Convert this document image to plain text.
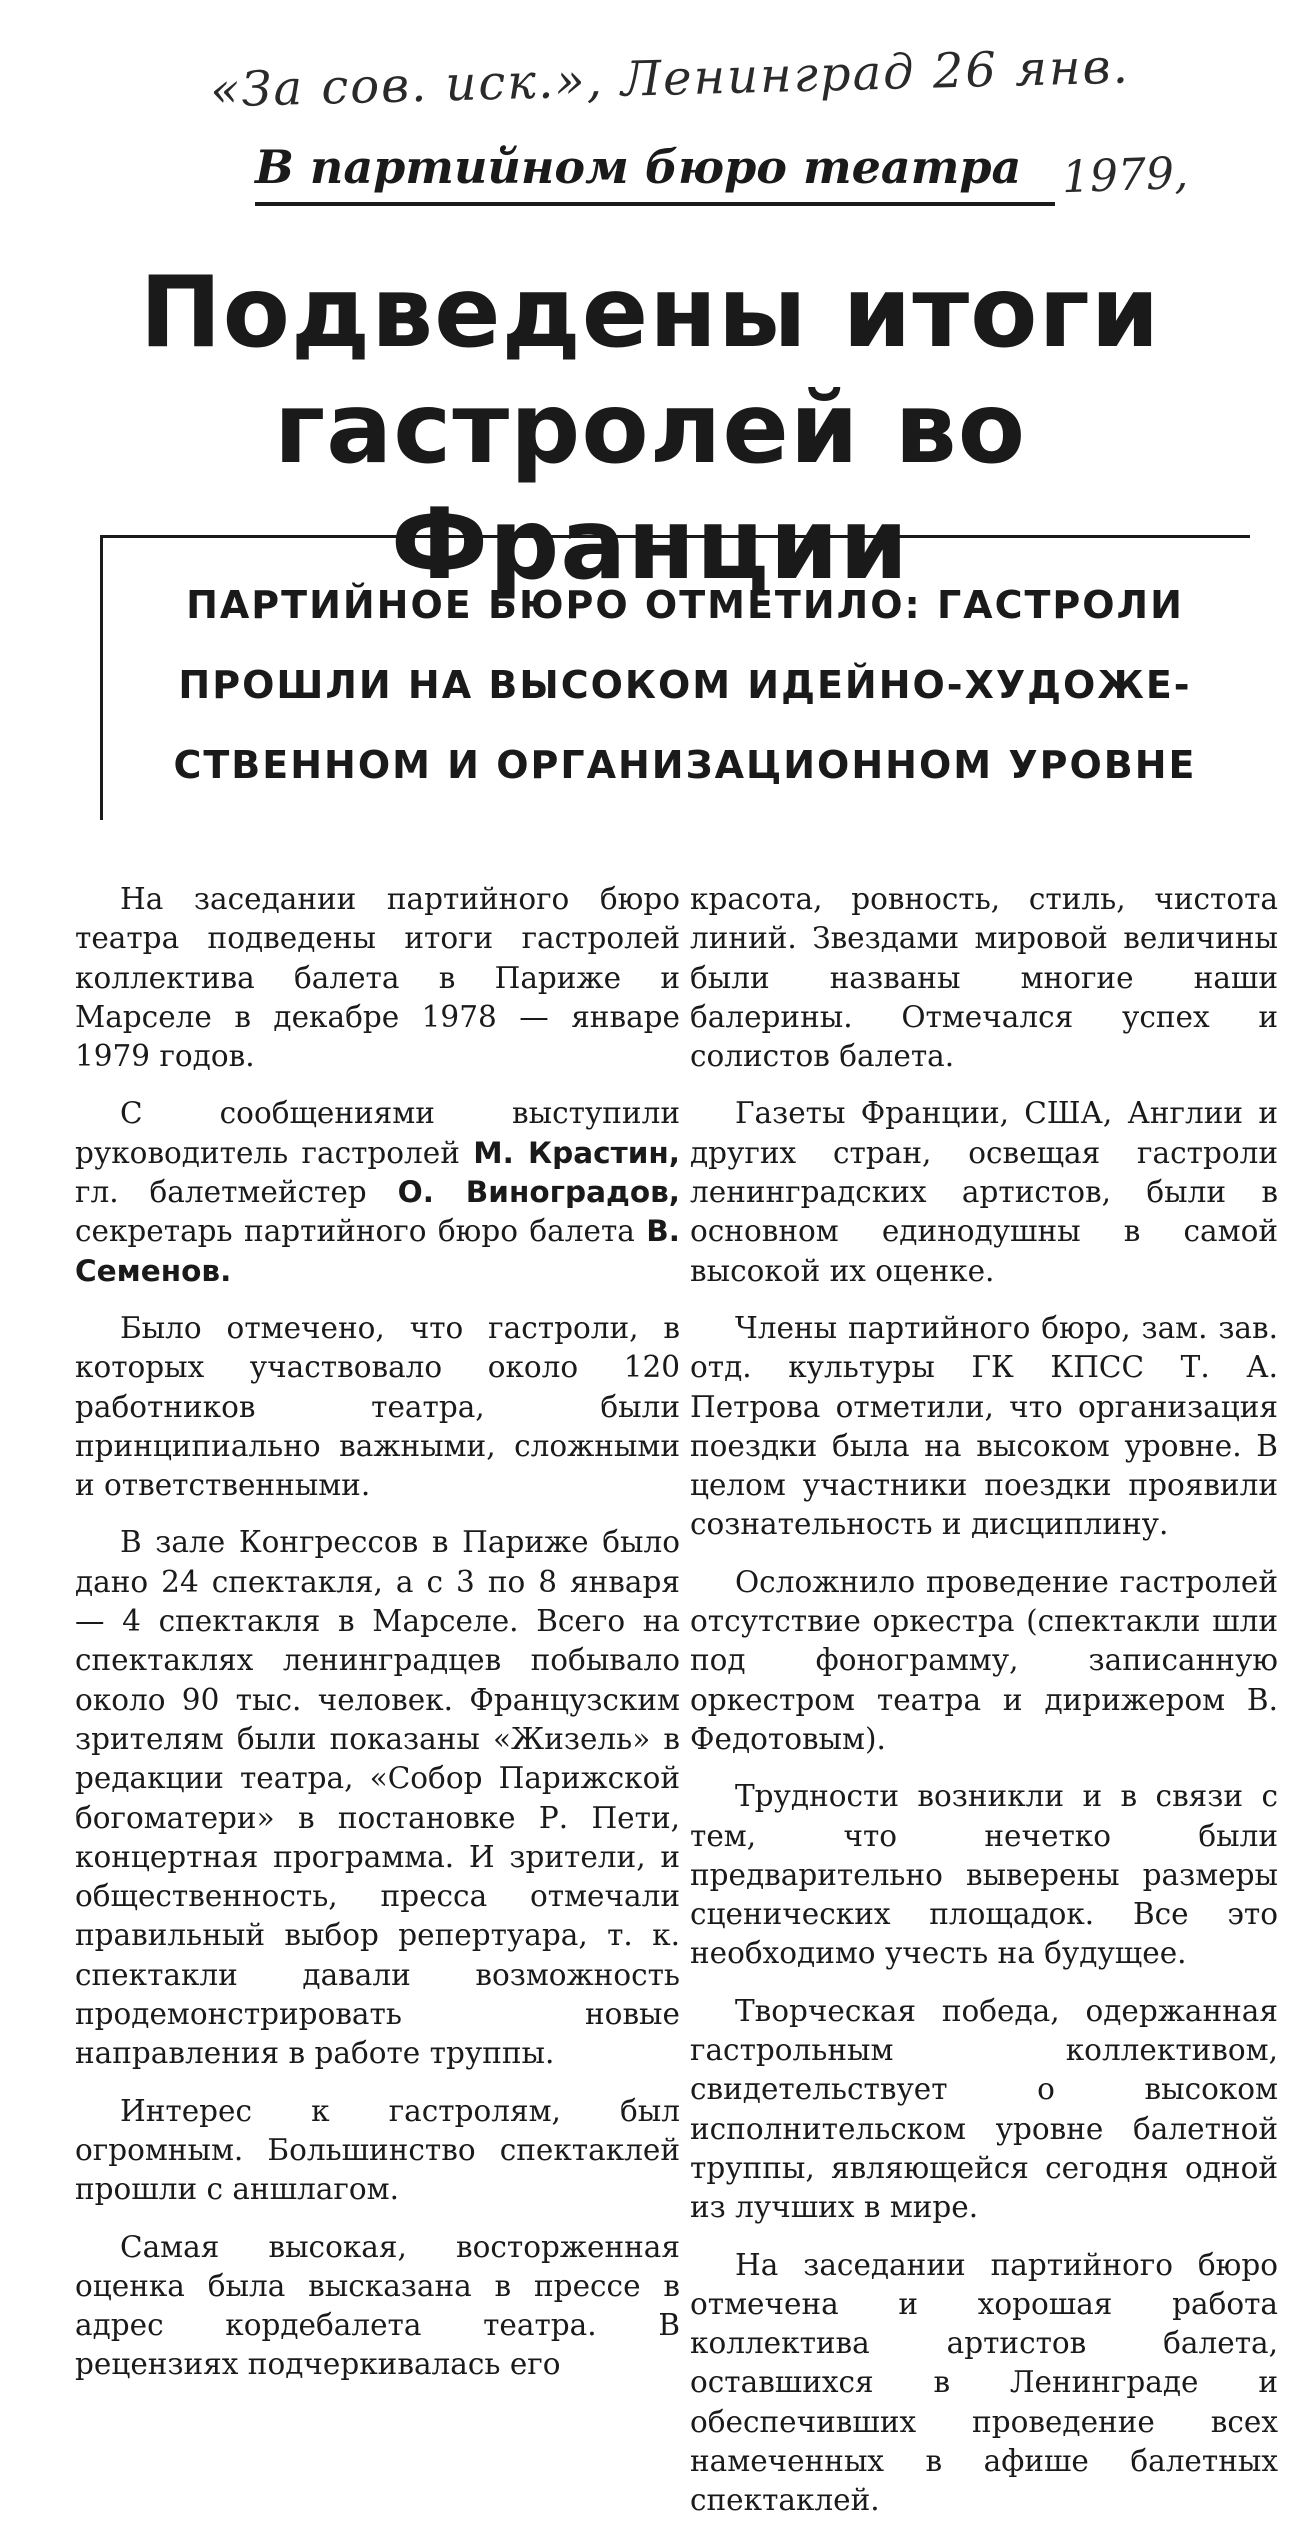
«За сов. иск.», Ленинград 26 янв.
1979,
В партийном бюро театра
Подведены итоги
гастролей во Франции
ПАРТИЙНОЕ БЮРО ОТМЕТИЛО: ГАСТРОЛИ
ПРОШЛИ НА ВЫСОКОМ ИДЕЙНО-ХУДОЖЕ-
СТВЕННОМ И ОРГАНИЗАЦИОННОМ УРОВНЕ

На заседании партийного бюро театра подведены итоги гастролей коллектива балета в Париже и Марселе в декабре 1978 — январе 1979 годов.

С сообщениями выступили руководитель гастролей М. Крастин, гл. балетмейстер О. Виноградов, секретарь партийного бюро балета В. Семенов.

Было отмечено, что гастроли, в которых участвовало около 120 работников театра, были принципиально важными, сложными и ответственными.

В зале Конгрессов в Париже было дано 24 спектакля, а с 3 по 8 января — 4 спектакля в Марселе. Всего на спектаклях ленинградцев побывало около 90 тыс. человек. Французским зрителям были показаны «Жизель» в редакции театра, «Собор Парижской богоматери» в постановке Р. Пети, концертная программа. И зрители, и общественность, пресса отмечали правильный выбор репертуара, т. к. спектакли давали возможность продемонстрировать новые направления в работе труппы.

Интерес к гастролям, был огромным. Большинство спектаклей прошли с аншлагом.

Самая высокая, восторженная оценка была высказана в прессе в адрес кордебалета театра. В рецензиях подчеркивалась его

красота, ровность, стиль, чистота линий. Звездами мировой величины были названы многие наши балерины. Отмечался успех и солистов балета.

Газеты Франции, США, Англии и других стран, освещая гастроли ленинградских артистов, были в основном единодушны в самой высокой их оценке.

Члены партийного бюро, зам. зав. отд. культуры ГК КПСС Т. А. Петрова отметили, что организация поездки была на высоком уровне. В целом участники поездки проявили сознательность и дисциплину.

Осложнило проведение гастролей отсутствие оркестра (спектакли шли под фонограмму, записанную оркестром театра и дирижером В. Федотовым).

Трудности возникли и в связи с тем, что нечетко были предварительно выверены размеры сценических площадок. Все это необходимо учесть на будущее.

Творческая победа, одержанная гастрольным коллективом, свидетельствует о высоком исполнительском уровне балетной труппы, являющейся сегодня одной из лучших в мире.

На заседании партийного бюро отмечена и хорошая работа коллектива артистов балета, оставшихся в Ленинграде и обеспечивших проведение всех намеченных в афише балетных спектаклей.
